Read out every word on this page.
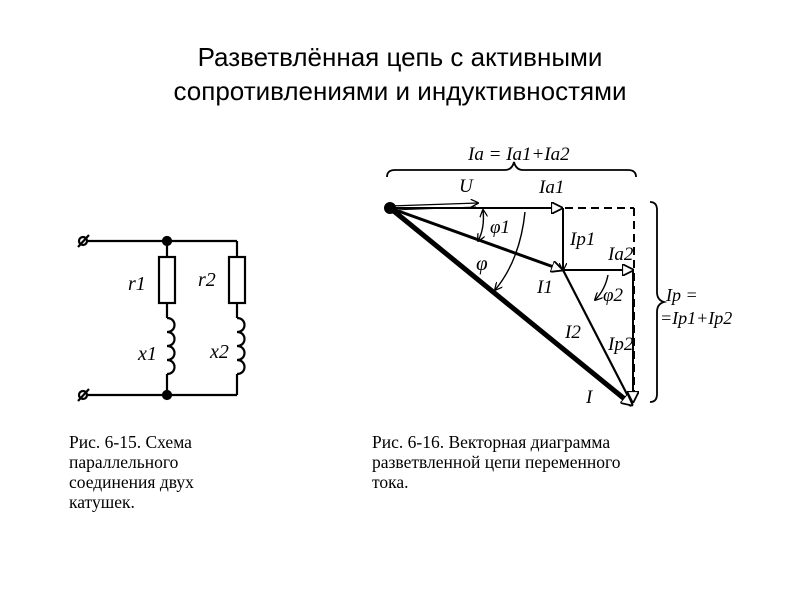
Разветвлённая цепь с активными
сопротивлениями и индуктивностями
r1	r2
x1	x2
Iа = Iа1+Iа2
U	Iа1
φ1
Iр1
Iа2
φ
I1	φ2
I2
Iр2
I
Iр =
=Iр1+Iр2
Рис. 6-15. Схема
параллельного
соединения двух
катушек.
Рис. 6-16. Векторная диаграмма
разветвленной цепи переменного
тока.
